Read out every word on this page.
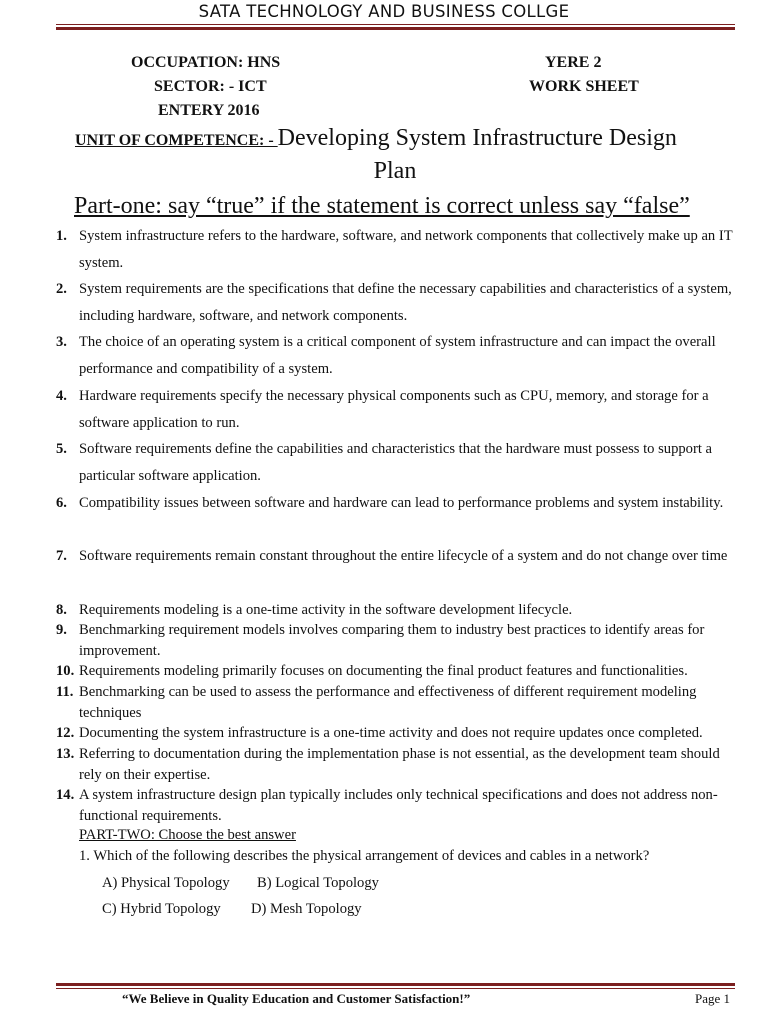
SATA TECHNOLOGY AND BUSINESS COLLGE
OCCUPATION: HNS
SECTOR: - ICT
ENTERY 2016
YERE 2
WORK SHEET
UNIT OF COMPETENCE: - Developing System Infrastructure Design
Plan
Part-one: say “true” if the statement is correct unless say “false”
1. System infrastructure refers to the hardware, software, and network components that collectively make up an IT system.
2. System requirements are the specifications that define the necessary capabilities and characteristics of a system, including hardware, software, and network components.
3. The choice of an operating system is a critical component of system infrastructure and can impact the overall performance and compatibility of a system.
4. Hardware requirements specify the necessary physical components such as CPU, memory, and storage for a software application to run.
5. Software requirements define the capabilities and characteristics that the hardware must possess to support a particular software application.
6. Compatibility issues between software and hardware can lead to performance problems and system instability.
7. Software requirements remain constant throughout the entire lifecycle of a system and do not change over time
8. Requirements modeling is a one-time activity in the software development lifecycle.
9. Benchmarking requirement models involves comparing them to industry best practices to identify areas for improvement.
10. Requirements modeling primarily focuses on documenting the final product features and functionalities.
11. Benchmarking can be used to assess the performance and effectiveness of different requirement modeling techniques
12. Documenting the system infrastructure is a one-time activity and does not require updates once completed.
13. Referring to documentation during the implementation phase is not essential, as the development team should rely on their expertise.
14. A system infrastructure design plan typically includes only technical specifications and does not address non-functional requirements.
PART-TWO: Choose the best answer
1. Which of the following describes the physical arrangement of devices and cables in a network?
A) Physical Topology B) Logical Topology
C) Hybrid Topology D) Mesh Topology
“We Believe in Quality Education and Customer Satisfaction!”	Page 1
